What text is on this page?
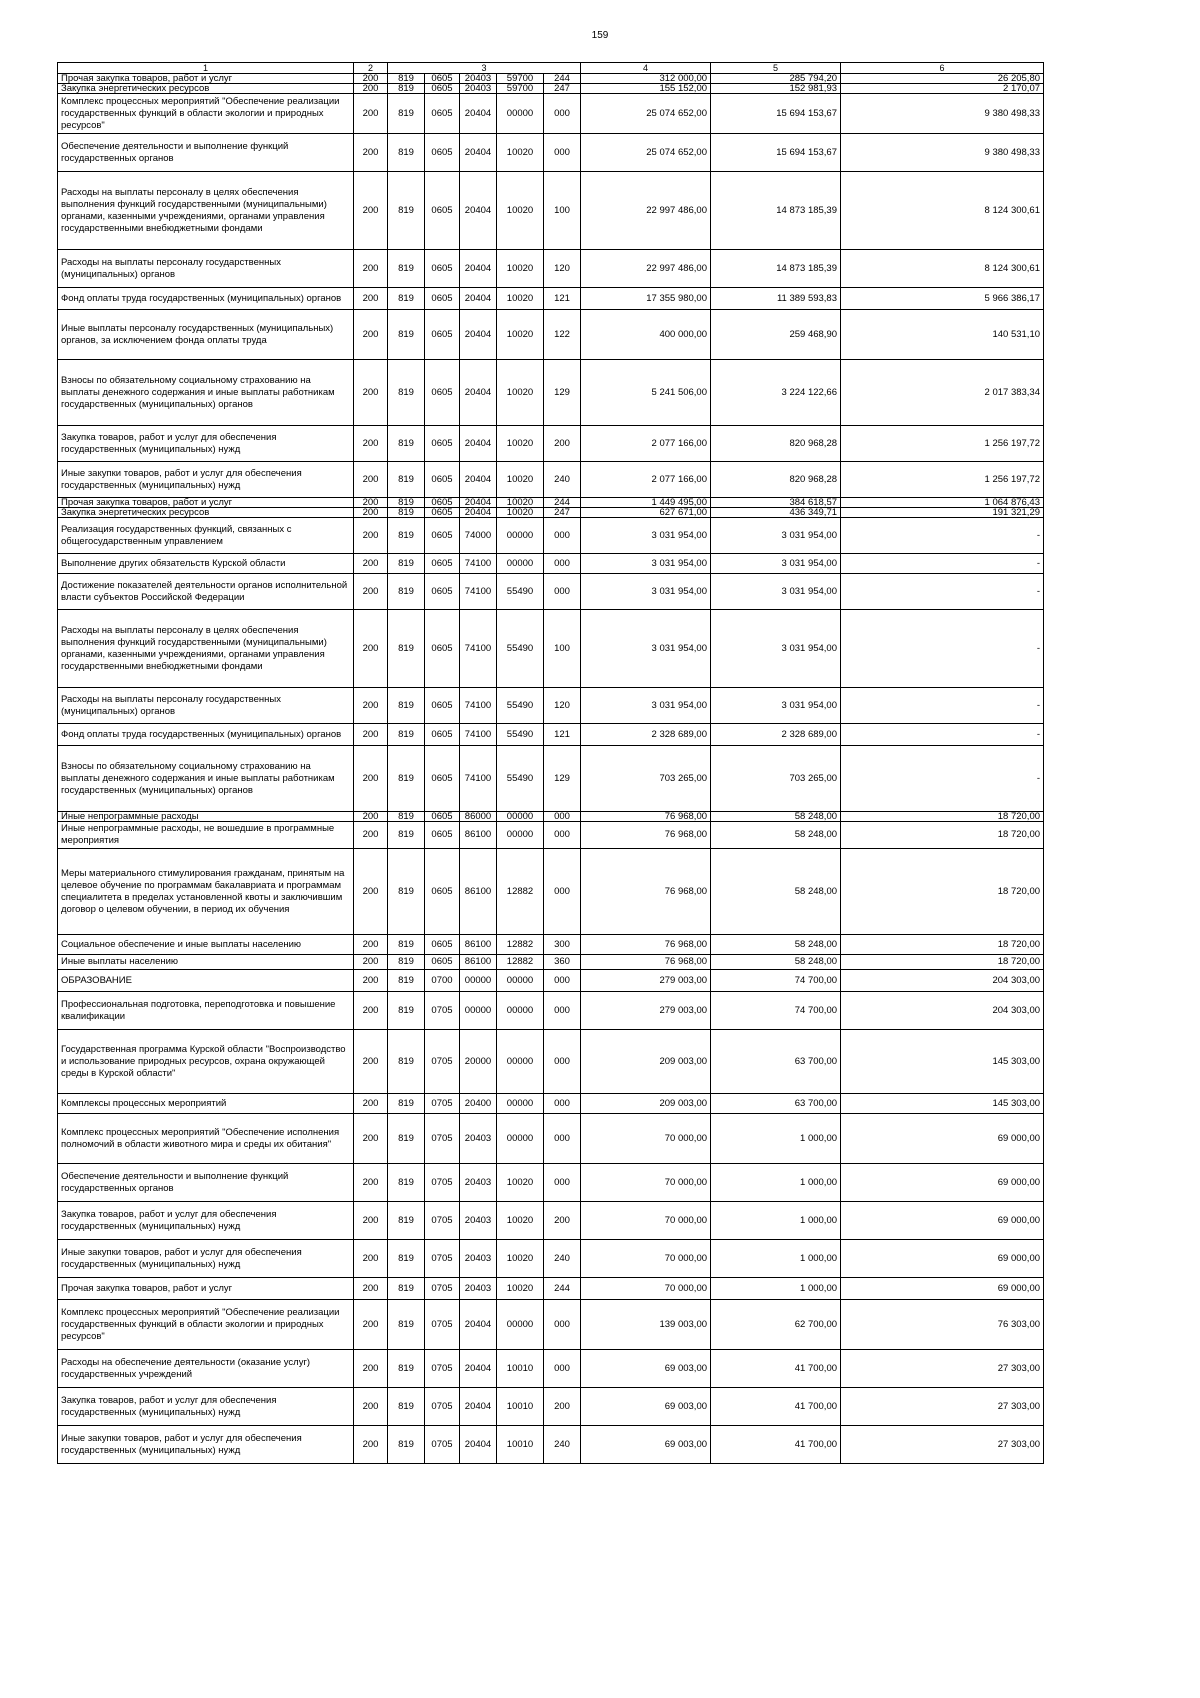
159
1	2	3					4	5	6
Прочая закупка товаров, работ и услуг	200	819	0605	20403	59700	244	312 000,00	285 794,20	26 205,80
Закупка энергетических ресурсов	200	819	0605	20403	59700	247	155 152,00	152 981,93	2 170,07
Комплекс процессных мероприятий "Обеспечение реализации государственных функций в области экологии и природных ресурсов"	200	819	0605	20404	00000	000	25 074 652,00	15 694 153,67	9 380 498,33
Обеспечение деятельности и выполнение функций государственных органов	200	819	0605	20404	10020	000	25 074 652,00	15 694 153,67	9 380 498,33
Расходы на выплаты персоналу в целях обеспечения выполнения функций государственными (муниципальными) органами, казенными учреждениями, органами управления государственными внебюджетными фондами	200	819	0605	20404	10020	100	22 997 486,00	14 873 185,39	8 124 300,61
Расходы на выплаты персоналу государственных (муниципальных) органов	200	819	0605	20404	10020	120	22 997 486,00	14 873 185,39	8 124 300,61
Фонд оплаты труда государственных (муниципальных) органов	200	819	0605	20404	10020	121	17 355 980,00	11 389 593,83	5 966 386,17
Иные выплаты персоналу государственных (муниципальных) органов, за исключением фонда оплаты труда	200	819	0605	20404	10020	122	400 000,00	259 468,90	140 531,10
Взносы по обязательному социальному страхованию на выплаты денежного содержания и иные выплаты работникам государственных (муниципальных) органов	200	819	0605	20404	10020	129	5 241 506,00	3 224 122,66	2 017 383,34
Закупка товаров, работ и услуг для обеспечения государственных (муниципальных) нужд	200	819	0605	20404	10020	200	2 077 166,00	820 968,28	1 256 197,72
Иные закупки товаров, работ и услуг для обеспечения государственных (муниципальных) нужд	200	819	0605	20404	10020	240	2 077 166,00	820 968,28	1 256 197,72
Прочая закупка товаров, работ и услуг	200	819	0605	20404	10020	244	1 449 495,00	384 618,57	1 064 876,43
Закупка энергетических ресурсов	200	819	0605	20404	10020	247	627 671,00	436 349,71	191 321,29
Реализация государственных функций, связанных с общегосударственным управлением	200	819	0605	74000	00000	000	3 031 954,00	3 031 954,00	-
Выполнение других обязательств Курской области	200	819	0605	74100	00000	000	3 031 954,00	3 031 954,00	-
Достижение показателей деятельности органов исполнительной власти субъектов Российской Федерации	200	819	0605	74100	55490	000	3 031 954,00	3 031 954,00	-
Расходы на выплаты персоналу в целях обеспечения выполнения функций государственными (муниципальными) органами, казенными учреждениями, органами управления государственными внебюджетными фондами	200	819	0605	74100	55490	100	3 031 954,00	3 031 954,00	-
Расходы на выплаты персоналу государственных (муниципальных) органов	200	819	0605	74100	55490	120	3 031 954,00	3 031 954,00	-
Фонд оплаты труда государственных (муниципальных) органов	200	819	0605	74100	55490	121	2 328 689,00	2 328 689,00	-
Взносы по обязательному социальному страхованию на выплаты денежного содержания и иные выплаты работникам государственных (муниципальных) органов	200	819	0605	74100	55490	129	703 265,00	703 265,00	-
Иные непрограммные расходы	200	819	0605	86000	00000	000	76 968,00	58 248,00	18 720,00
Иные непрограммные расходы, не вошедшие в программные мероприятия	200	819	0605	86100	00000	000	76 968,00	58 248,00	18 720,00
Меры материального стимулирования гражданам, принятым на целевое обучение по программам бакалавриата и программам специалитета в пределах установленной квоты и заключившим договор о целевом обучении, в период их обучения	200	819	0605	86100	12882	000	76 968,00	58 248,00	18 720,00
Социальное обеспечение и иные выплаты населению	200	819	0605	86100	12882	300	76 968,00	58 248,00	18 720,00
Иные выплаты населению	200	819	0605	86100	12882	360	76 968,00	58 248,00	18 720,00
ОБРАЗОВАНИЕ	200	819	0700	00000	00000	000	279 003,00	74 700,00	204 303,00
Профессиональная подготовка, переподготовка и повышение квалификации	200	819	0705	00000	00000	000	279 003,00	74 700,00	204 303,00
Государственная программа Курской области "Воспроизводство и использование природных ресурсов, охрана окружающей среды в Курской области"	200	819	0705	20000	00000	000	209 003,00	63 700,00	145 303,00
Комплексы процессных мероприятий	200	819	0705	20400	00000	000	209 003,00	63 700,00	145 303,00
Комплекс процессных мероприятий "Обеспечение исполнения полномочий в области животного мира и среды их обитания"	200	819	0705	20403	00000	000	70 000,00	1 000,00	69 000,00
Обеспечение деятельности и выполнение функций государственных органов	200	819	0705	20403	10020	000	70 000,00	1 000,00	69 000,00
Закупка товаров, работ и услуг для обеспечения государственных (муниципальных) нужд	200	819	0705	20403	10020	200	70 000,00	1 000,00	69 000,00
Иные закупки товаров, работ и услуг для обеспечения государственных (муниципальных) нужд	200	819	0705	20403	10020	240	70 000,00	1 000,00	69 000,00
Прочая закупка товаров, работ и услуг	200	819	0705	20403	10020	244	70 000,00	1 000,00	69 000,00
Комплекс процессных мероприятий "Обеспечение реализации государственных функций в области экологии и природных ресурсов"	200	819	0705	20404	00000	000	139 003,00	62 700,00	76 303,00
Расходы на обеспечение деятельности (оказание услуг) государственных учреждений	200	819	0705	20404	10010	000	69 003,00	41 700,00	27 303,00
Закупка товаров, работ и услуг для обеспечения государственных (муниципальных) нужд	200	819	0705	20404	10010	200	69 003,00	41 700,00	27 303,00
Иные закупки товаров, работ и услуг для обеспечения государственных (муниципальных) нужд	200	819	0705	20404	10010	240	69 003,00	41 700,00	27 303,00
